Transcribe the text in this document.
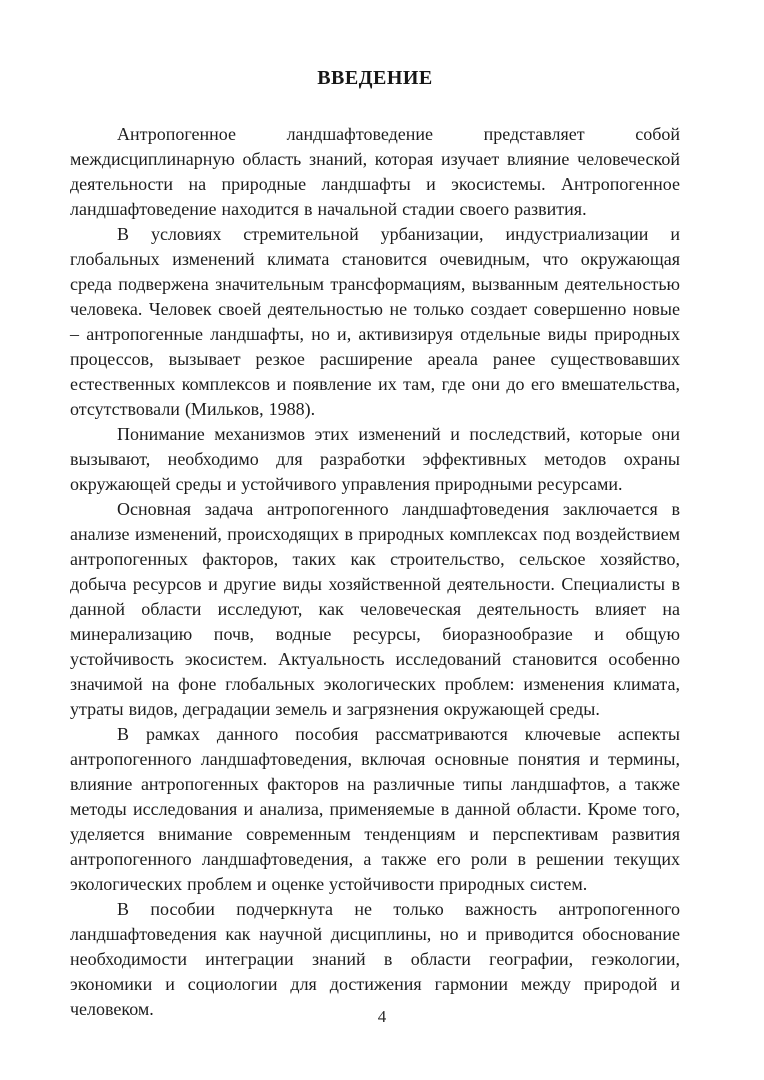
ВВЕДЕНИЕ

Антропогенное ландшафтоведение представляет собой междисциплинарную область знаний, которая изучает влияние человеческой деятельности на природные ландшафты и экосистемы. Антропогенное ландшафтоведение находится в начальной стадии своего развития.

В условиях стремительной урбанизации, индустриализации и глобальных изменений климата становится очевидным, что окружающая среда подвержена значительным трансформациям, вызванным деятельностью человека. Человек своей деятельностью не только создает совершенно новые – антропогенные ландшафты, но и, активизируя отдельные виды природных процессов, вызывает резкое расширение ареала ранее существовавших естественных комплексов и появление их там, где они до его вмешательства, отсутствовали (Мильков, 1988).

Понимание механизмов этих изменений и последствий, которые они вызывают, необходимо для разработки эффективных методов охраны окружающей среды и устойчивого управления природными ресурсами.

Основная задача антропогенного ландшафтоведения заключается в анализе изменений, происходящих в природных комплексах под воздействием антропогенных факторов, таких как строительство, сельское хозяйство, добыча ресурсов и другие виды хозяйственной деятельности. Специалисты в данной области исследуют, как человеческая деятельность влияет на минерализацию почв, водные ресурсы, биоразнообразие и общую устойчивость экосистем. Актуальность исследований становится особенно значимой на фоне глобальных экологических проблем: изменения климата, утраты видов, деградации земель и загрязнения окружающей среды.

В рамках данного пособия рассматриваются ключевые аспекты антропогенного ландшафтоведения, включая основные понятия и термины, влияние антропогенных факторов на различные типы ландшафтов, а также методы исследования и анализа, применяемые в данной области. Кроме того, уделяется внимание современным тенденциям и перспективам развития антропогенного ландшафтоведения, а также его роли в решении текущих экологических проблем и оценке устойчивости природных систем.

В пособии подчеркнута не только важность антропогенного ландшафтоведения как научной дисциплины, но и приводится обоснование необходимости интеграции знаний в области географии, геэкологии, экономики и социологии для достижения гармонии между природой и человеком.	4
